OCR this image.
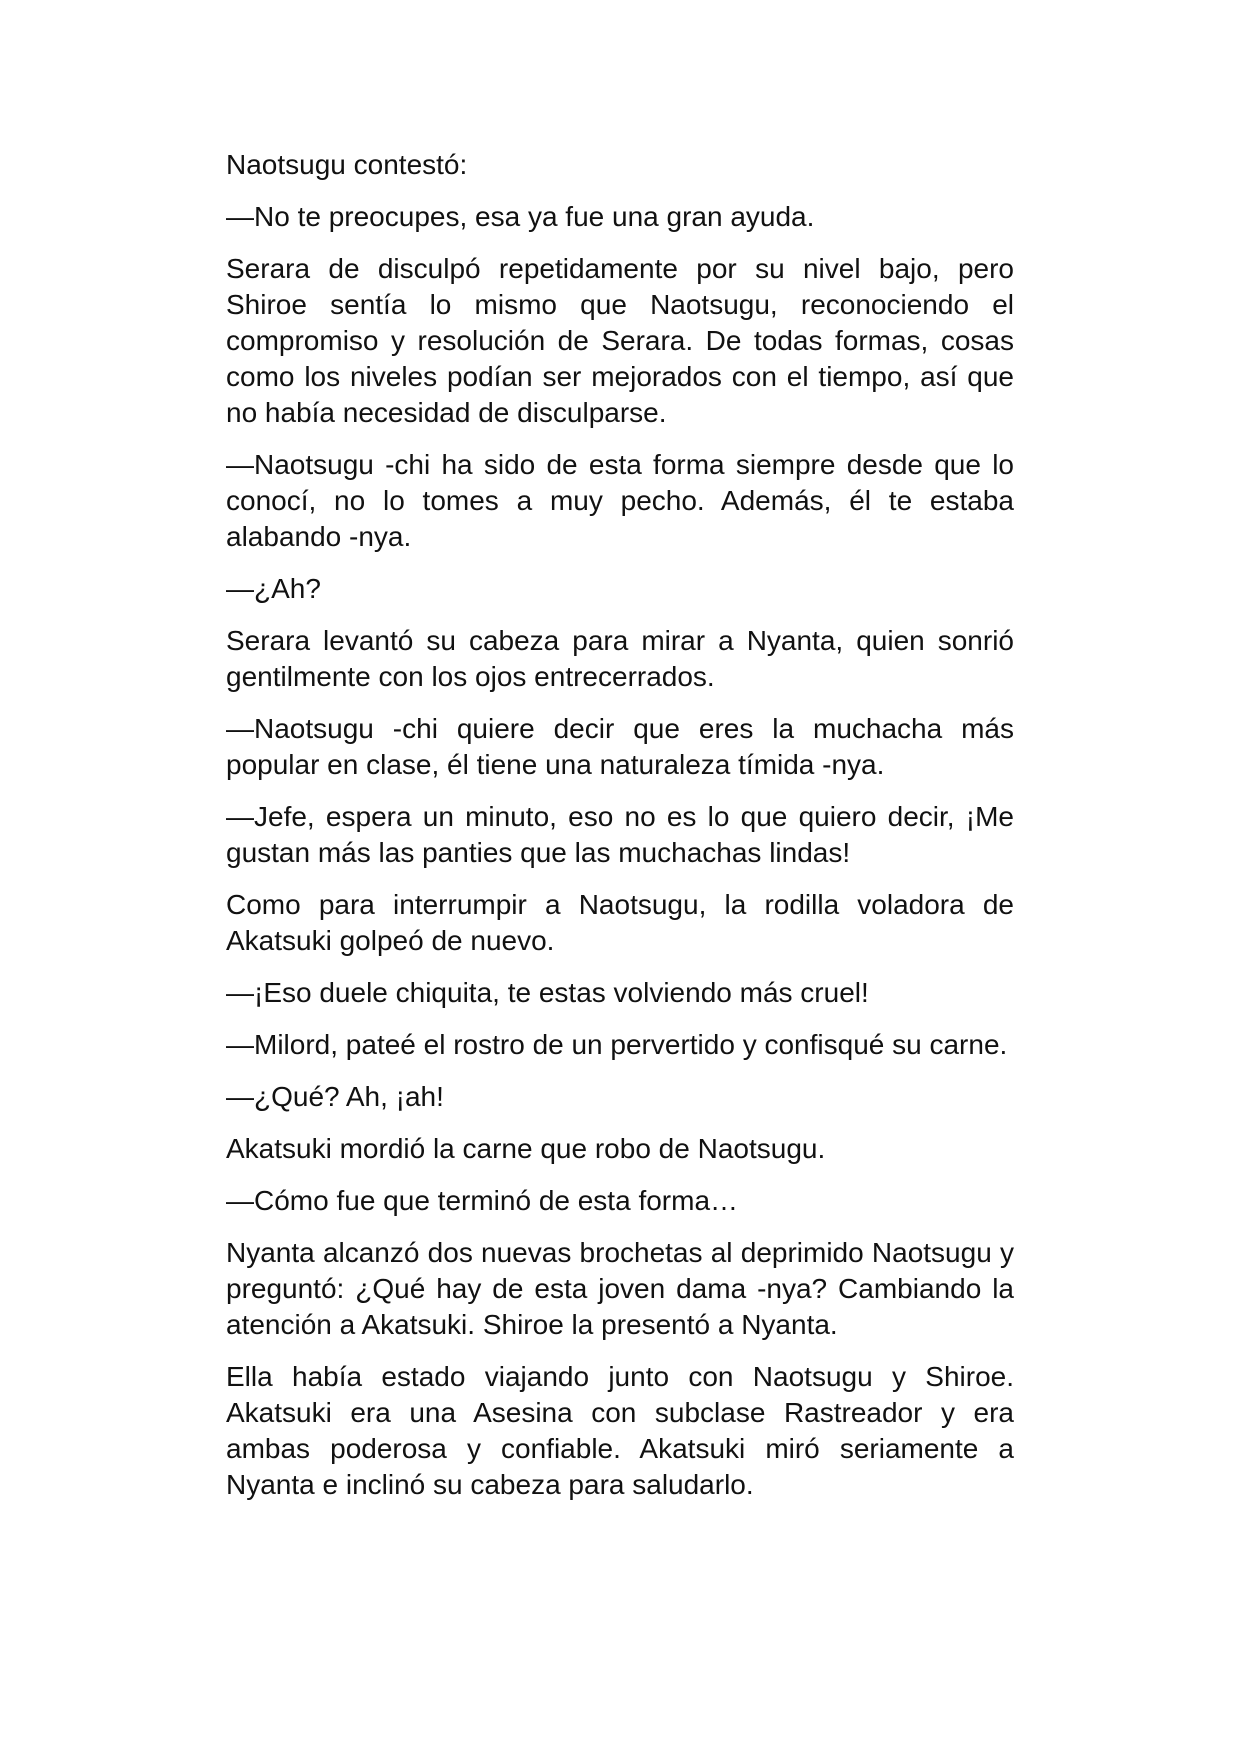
Naotsugu contestó:

—No te preocupes, esa ya fue una gran ayuda.

Serara de disculpó repetidamente por su nivel bajo, pero Shiroe sentía lo mismo que Naotsugu, reconociendo el compromiso y resolución de Serara. De todas formas, cosas como los niveles podían ser mejorados con el tiempo, así que no había necesidad de disculparse.

—Naotsugu -chi ha sido de esta forma siempre desde que lo conocí, no lo tomes a muy pecho. Además, él te estaba alabando -nya.

—¿Ah?

Serara levantó su cabeza para mirar a Nyanta, quien sonrió gentilmente con los ojos entrecerrados.

—Naotsugu -chi quiere decir que eres la muchacha más popular en clase, él tiene una naturaleza tímida -nya.

—Jefe, espera un minuto, eso no es lo que quiero decir, ¡Me gustan más las panties que las muchachas lindas!

Como para interrumpir a Naotsugu, la rodilla voladora de Akatsuki golpeó de nuevo.

—¡Eso duele chiquita, te estas volviendo más cruel!

—Milord, pateé el rostro de un pervertido y confisqué su carne.

—¿Qué? Ah, ¡ah!

Akatsuki mordió la carne que robo de Naotsugu.

—Cómo fue que terminó de esta forma…

Nyanta alcanzó dos nuevas brochetas al deprimido Naotsugu y preguntó: ¿Qué hay de esta joven dama -nya? Cambiando la atención a Akatsuki. Shiroe la presentó a Nyanta.

Ella había estado viajando junto con Naotsugu y Shiroe. Akatsuki era una Asesina con subclase Rastreador y era ambas poderosa y confiable. Akatsuki miró seriamente a Nyanta e inclinó su cabeza para saludarlo.
